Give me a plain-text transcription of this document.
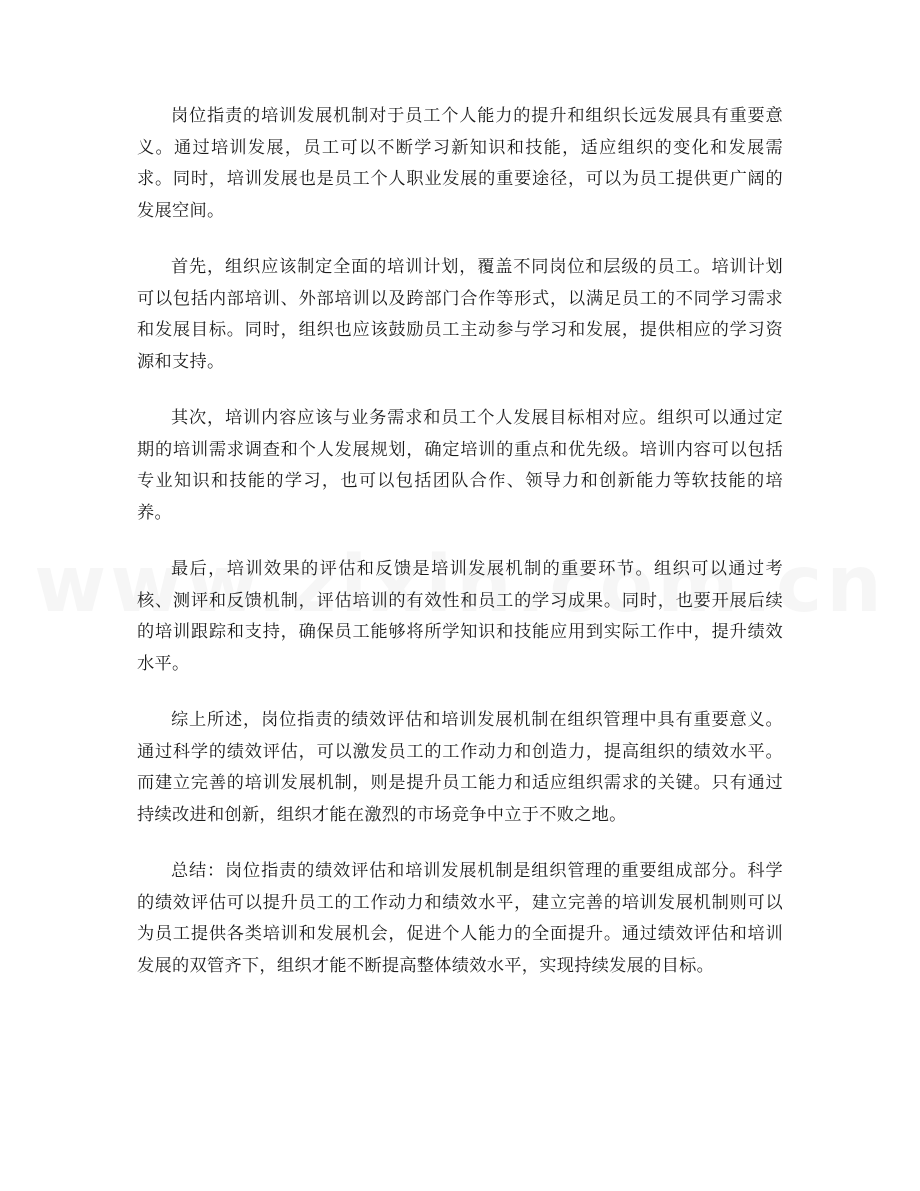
岗位指责的培训发展机制对于员工个人能力的提升和组织长远发展具有重要意义。通过培训发展，员工可以不断学习新知识和技能，适应组织的变化和发展需求。同时，培训发展也是员工个人职业发展的重要途径，可以为员工提供更广阔的发展空间。

首先，组织应该制定全面的培训计划，覆盖不同岗位和层级的员工。培训计划可以包括内部培训、外部培训以及跨部门合作等形式，以满足员工的不同学习需求和发展目标。同时，组织也应该鼓励员工主动参与学习和发展，提供相应的学习资源和支持。

其次，培训内容应该与业务需求和员工个人发展目标相对应。组织可以通过定期的培训需求调查和个人发展规划，确定培训的重点和优先级。培训内容可以包括专业知识和技能的学习，也可以包括团队合作、领导力和创新能力等软技能的培养。

最后，培训效果的评估和反馈是培训发展机制的重要环节。组织可以通过考核、测评和反馈机制，评估培训的有效性和员工的学习成果。同时，也要开展后续的培训跟踪和支持，确保员工能够将所学知识和技能应用到实际工作中，提升绩效水平。

综上所述，岗位指责的绩效评估和培训发展机制在组织管理中具有重要意义。通过科学的绩效评估，可以激发员工的工作动力和创造力，提高组织的绩效水平。而建立完善的培训发展机制，则是提升员工能力和适应组织需求的关键。只有通过持续改进和创新，组织才能在激烈的市场竞争中立于不败之地。

总结：岗位指责的绩效评估和培训发展机制是组织管理的重要组成部分。科学的绩效评估可以提升员工的工作动力和绩效水平，建立完善的培训发展机制则可以为员工提供各类培训和发展机会，促进个人能力的全面提升。通过绩效评估和培训发展的双管齐下，组织才能不断提高整体绩效水平，实现持续发展的目标。
